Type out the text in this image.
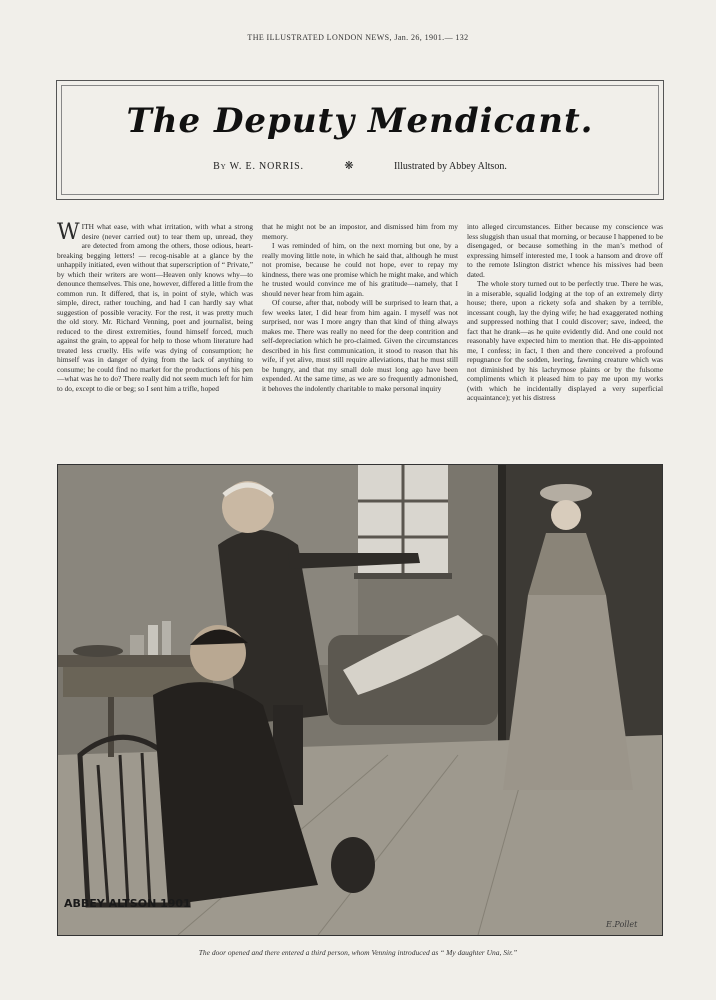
THE ILLUSTRATED LONDON NEWS, Jan. 26, 1901.— 132
The Deputy Mendicant.
By W. E. NORRIS.	❋	Illustrated by Abbey Altson.

WITH what ease, with what irritation, with what a strong desire (never carried out) to tear them up, unread, they are detected from among the others, those odious, heart-breaking begging letters! — recog-nisable at a glance by the unhappily initiated, even without that superscription of “ Private,” by which their writers are wont—Heaven only knows why—to denounce themselves. This one, however, differed a little from the common run. It differed, that is, in point of style, which was simple, direct, rather touching, and had I can hardly say what suggestion of possible veracity. For the rest, it was pretty much the old story. Mr. Richard Venning, poet and journalist, being reduced to the direst extremities, found himself forced, much against the grain, to appeal for help to those whom literature had treated less cruelly. His wife was dying of consumption; he himself was in danger of dying from the lack of anything to consume; he could find no market for the productions of his pen—what was he to do? There really did not seem much left for him to do, except to die or beg; so I sent him a trifle, hoped

that he might not be an impostor, and dismissed him from my memory.

I was reminded of him, on the next morning but one, by a really moving little note, in which he said that, although he must not promise, because he could not hope, ever to repay my kindness, there was one promise which he might make, and which he trusted would convince me of his gratitude—namely, that I should never hear from him again.

Of course, after that, nobody will be surprised to learn that, a few weeks later, I did hear from him again. I myself was not surprised, nor was I more angry than that kind of thing always makes me. There was really no need for the deep contrition and self-depreciation which he pro-claimed. Given the circumstances described in his first communication, it stood to reason that his wife, if yet alive, must still require alleviations, that he must still be hungry, and that my small dole must long ago have been expended. At the same time, as we are so frequently admonished, it behoves the indolently charitable to make personal inquiry

into alleged circumstances. Either because my conscience was less sluggish than usual that morning, or because I happened to be disengaged, or because something in the man’s method of expressing himself interested me, I took a hansom and drove off to the remote Islington district whence his missives had been dated.

The whole story turned out to be perfectly true. There he was, in a miserable, squalid lodging at the top of an extremely dirty house; there, upon a rickety sofa and shaken by a terrible, incessant cough, lay the dying wife; he had exaggerated nothing and suppressed nothing that I could discover; save, indeed, the fact that he drank—as he quite evidently did. And one could not reasonably have expected him to mention that. He dis-appointed me, I confess; in fact, I then and there conceived a profound repugnance for the sodden, leering, fawning creature which was not diminished by his lachrymose plaints or by the fulsome compliments which it pleased him to pay me upon my works (with which he incidentally displayed a very superficial acquaintance); yet his distress

ABBEY ALTSON 1901
E.Pollet
The door opened and there entered a third person, whom Venning introduced as “ My daughter Una, Sir.”
